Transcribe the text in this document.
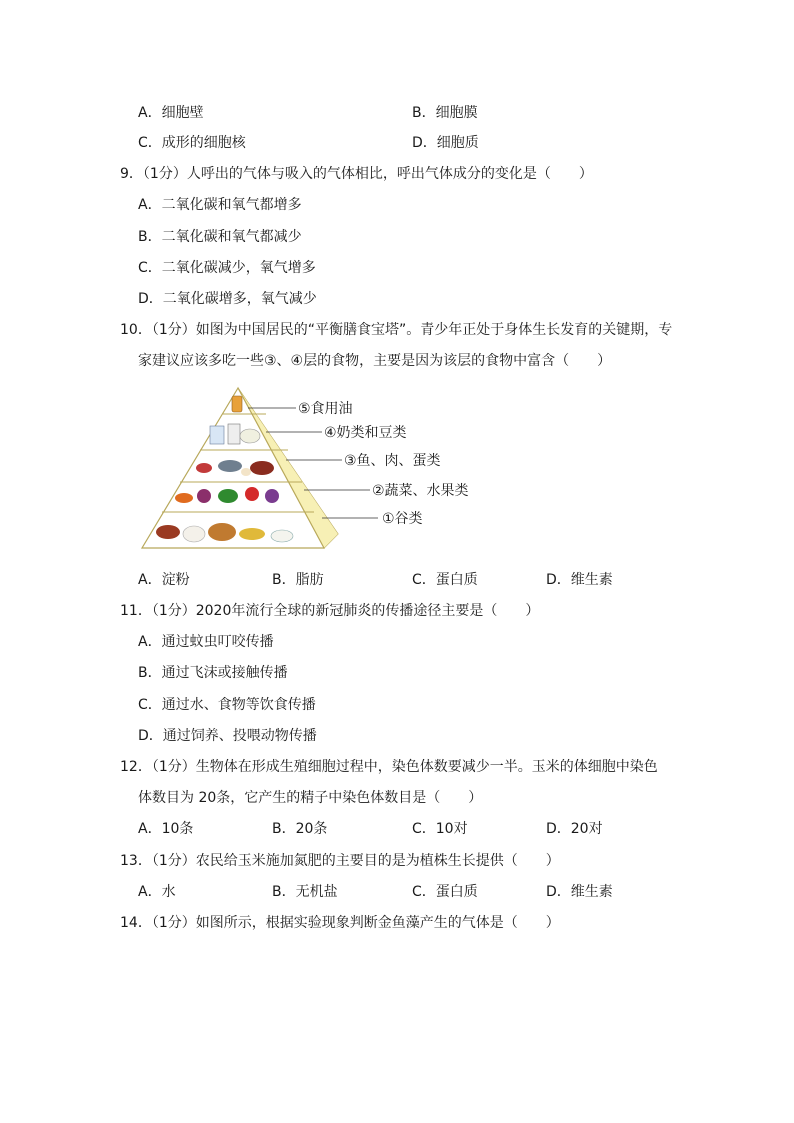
A．细胞壁	B．细胞膜
C．成形的细胞核	D．细胞质
9．（1分）人呼出的气体与吸入的气体相比，呼出气体成分的变化是（　　）
A．二氧化碳和氧气都增多
B．二氧化碳和氧气都减少
C．二氧化碳减少，氧气增多
D．二氧化碳增多，氧气减少
10．（1分）如图为中国居民的“平衡膳食宝塔”。青少年正处于身体生长发育的关键期，专
家建议应该多吃一些③、④层的食物，主要是因为该层的食物中富含（　　）
⑤食用油
④奶类和豆类
③鱼、肉、蛋类
②蔬菜、水果类
①谷类
A．淀粉	B．脂肪	C．蛋白质	D．维生素
11．（1分）2020年流行全球的新冠肺炎的传播途径主要是（　　）
A．通过蚊虫叮咬传播
B．通过飞沫或接触传播
C．通过水、食物等饮食传播
D．通过饲养、投喂动物传播
12．（1分）生物体在形成生殖细胞过程中，染色体数要减少一半。玉米的体细胞中染色
体数目为 20条，它产生的精子中染色体数目是（　　）
A．10条	B．20条	C．10对	D．20对
13．（1分）农民给玉米施加氮肥的主要目的是为植株生长提供（　　）
A．水	B．无机盐	C．蛋白质	D．维生素
14．（1分）如图所示，根据实验现象判断金鱼藻产生的气体是（　　）
